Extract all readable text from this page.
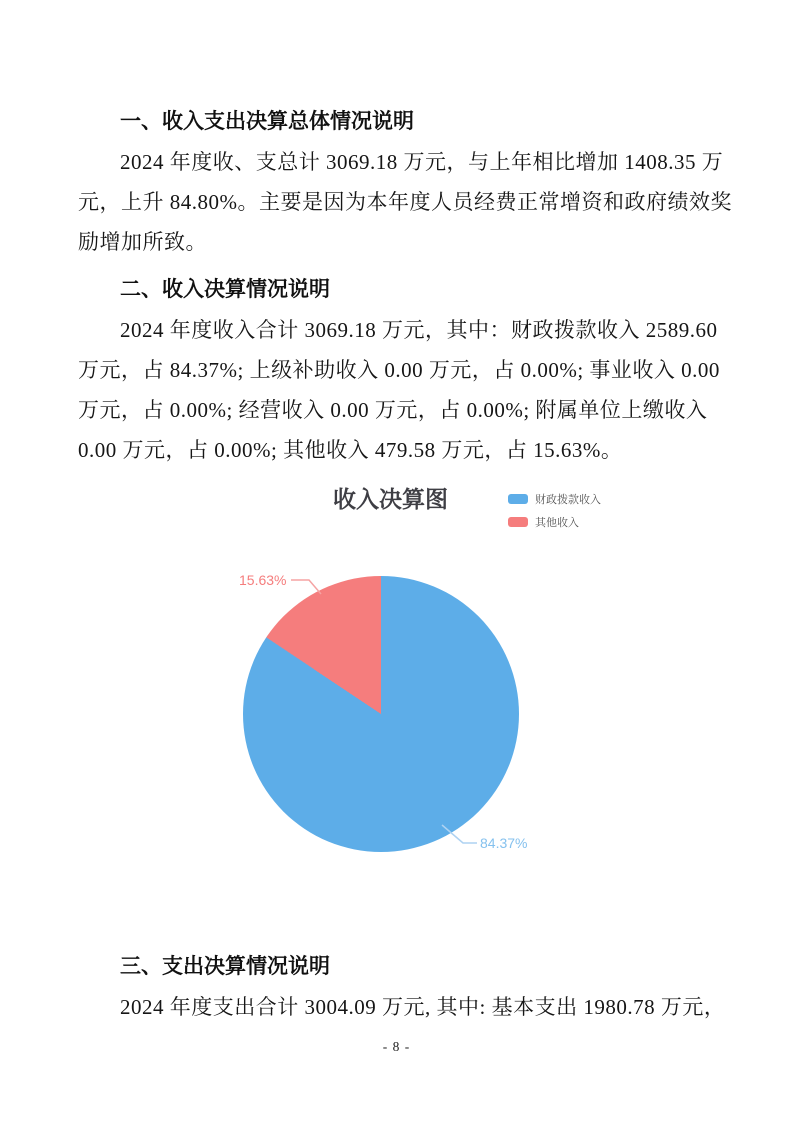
一、收入支出决算总体情况说明
2024 年度收、支总计 3069.18 万元，与上年相比增加 1408.35 万
元，上升 84.80%。主要是因为本年度人员经费正常增资和政府绩效奖
励增加所致。
二、收入决算情况说明
2024 年度收入合计 3069.18 万元，其中：财政拨款收入 2589.60
万元，占 84.37%; 上级补助收入 0.00 万元，占 0.00%; 事业收入 0.00
万元，占 0.00%; 经营收入 0.00 万元，占 0.00%; 附属单位上缴收入
0.00 万元，占 0.00%; 其他收入 479.58 万元，占 15.63%。
收入决算图	财政拨款收入
其他收入
15.63%
84.37%
三、支出决算情况说明
2024 年度支出合计 3004.09 万元, 其中: 基本支出 1980.78 万元，
- 8 -
